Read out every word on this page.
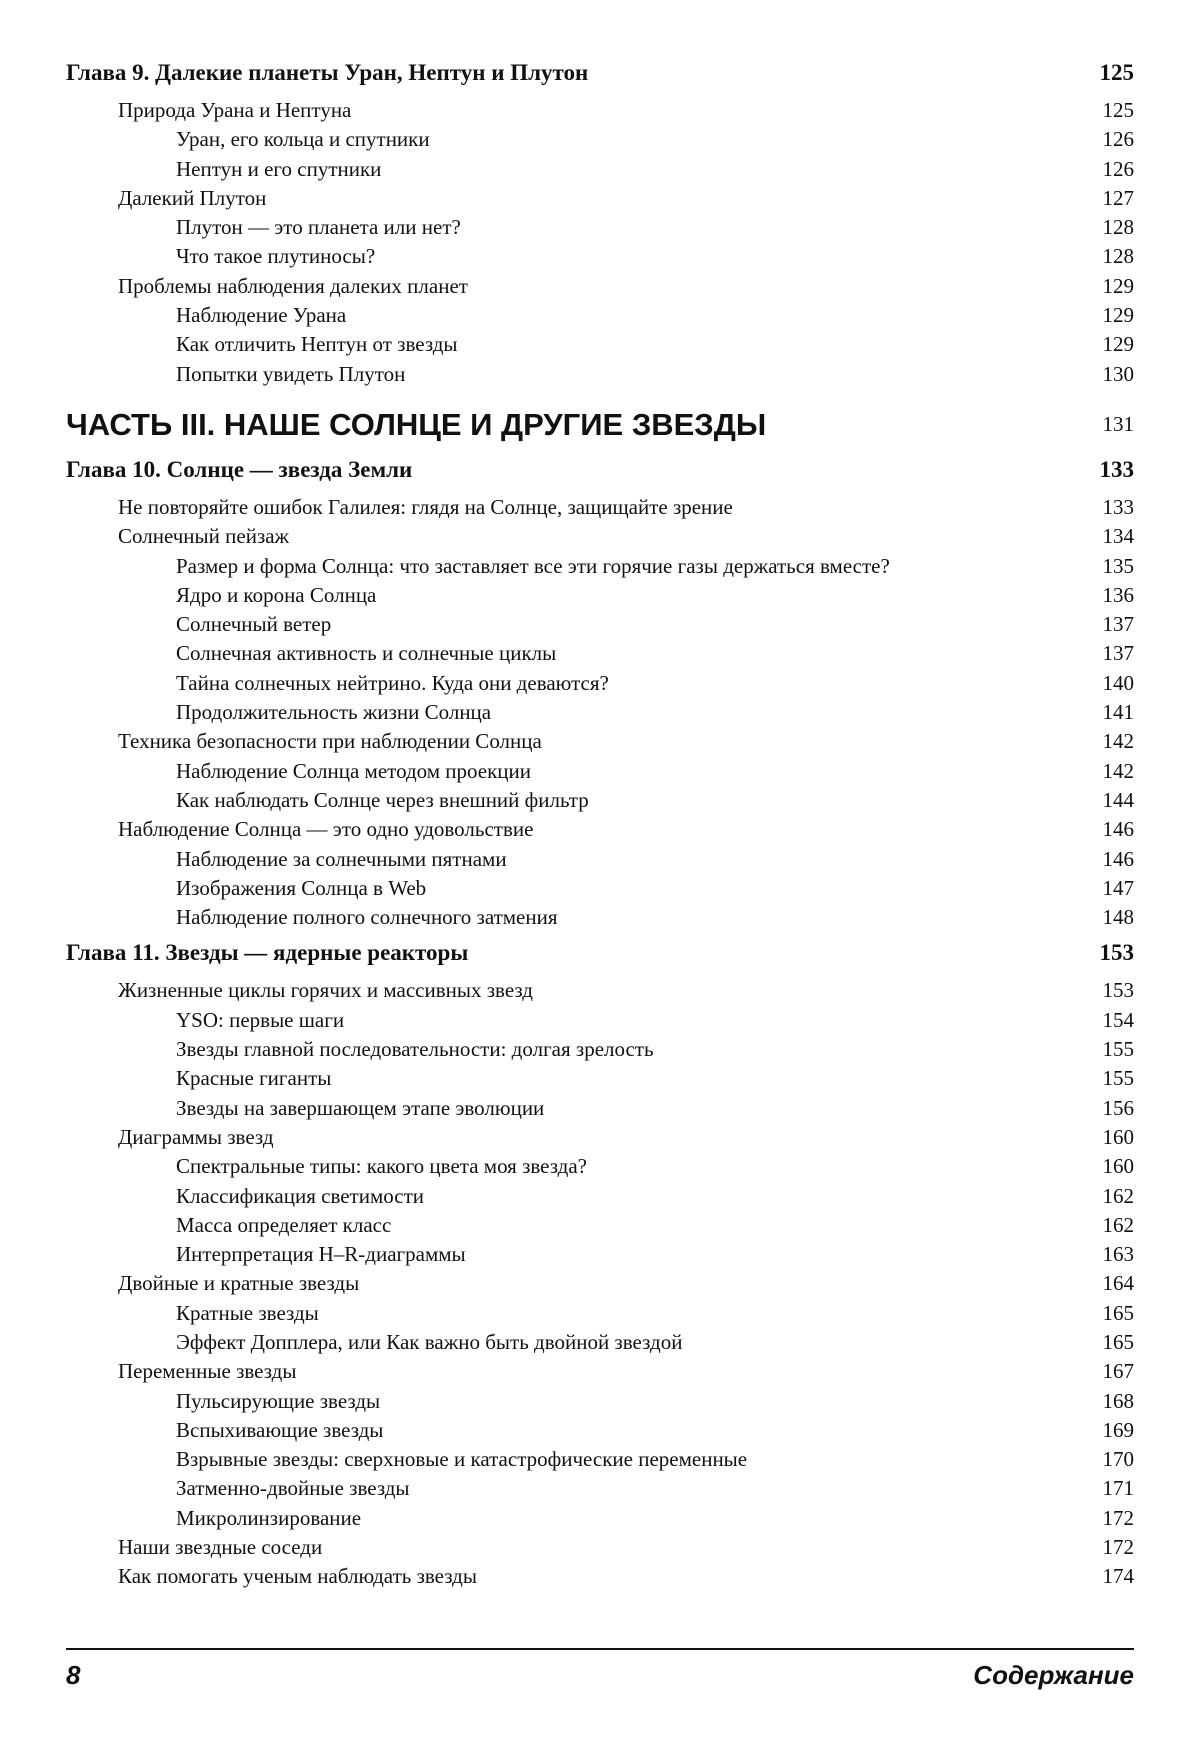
Глава 9. Далекие планеты Уран, Нептун и Плутон	125
Природа Урана и Нептуна	125
Уран, его кольца и спутники	126
Нептун и его спутники	126
Далекий Плутон	127
Плутон — это планета или нет?	128
Что такое плутиносы?	128
Проблемы наблюдения далеких планет	129
Наблюдение Урана	129
Как отличить Нептун от звезды	129
Попытки увидеть Плутон	130
ЧАСТЬ III. НАШЕ СОЛНЦЕ И ДРУГИЕ ЗВЕЗДЫ	131
Глава 10. Солнце — звезда Земли	133
Не повторяйте ошибок Галилея: глядя на Солнце, защищайте зрение	133
Солнечный пейзаж	134
Размер и форма Солнца: что заставляет все эти горячие газы держаться вместе?	135
Ядро и корона Солнца	136
Солнечный ветер	137
Солнечная активность и солнечные циклы	137
Тайна солнечных нейтрино. Куда они деваются?	140
Продолжительность жизни Солнца	141
Техника безопасности при наблюдении Солнца	142
Наблюдение Солнца методом проекции	142
Как наблюдать Солнце через внешний фильтр	144
Наблюдение Солнца — это одно удовольствие	146
Наблюдение за солнечными пятнами	146
Изображения Солнца в Web	147
Наблюдение полного солнечного затмения	148
Глава 11. Звезды — ядерные реакторы	153
Жизненные циклы горячих и массивных звезд	153
YSO: первые шаги	154
Звезды главной последовательности: долгая зрелость	155
Красные гиганты	155
Звезды на завершающем этапе эволюции	156
Диаграммы звезд	160
Спектральные типы: какого цвета моя звезда?	160
Классификация светимости	162
Масса определяет класс	162
Интерпретация H–R-диаграммы	163
Двойные и кратные звезды	164
Кратные звезды	165
Эффект Допплера, или Как важно быть двойной звездой	165
Переменные звезды	167
Пульсирующие звезды	168
Вспыхивающие звезды	169
Взрывные звезды: сверхновые и катастрофические переменные	170
Затменно-двойные звезды	171
Микролинзирование	172
Наши звездные соседи	172
Как помогать ученым наблюдать звезды	174
8	Содержание
